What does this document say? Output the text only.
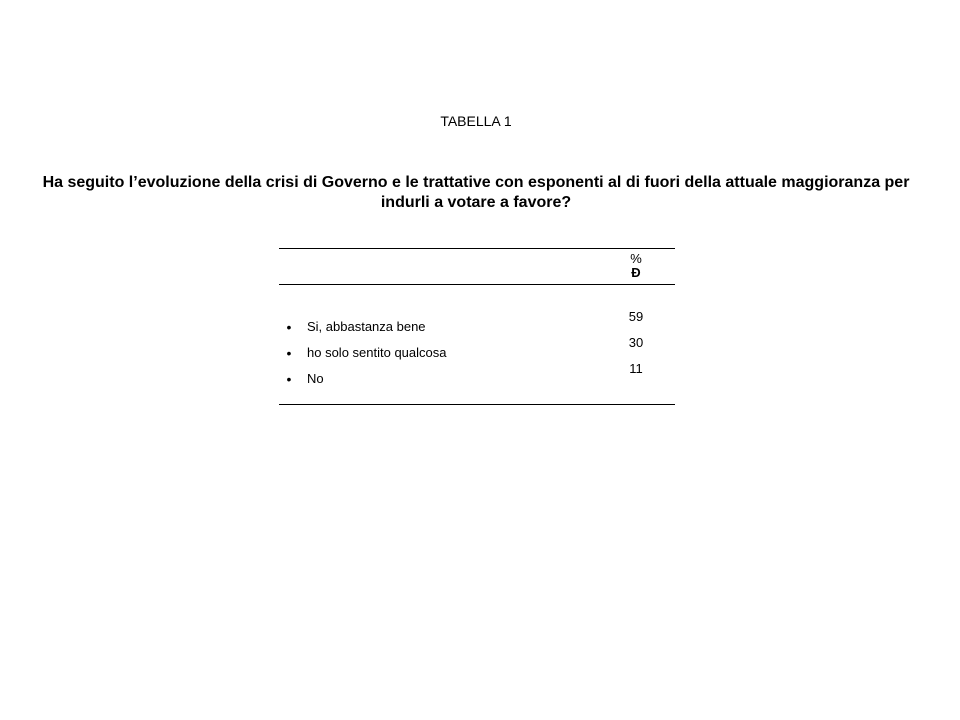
TABELLA 1
Ha seguito l’evoluzione della crisi di Governo e le trattative con esponenti al di fuori della attuale maggioranza per indurli a votare a favore?
%
Ð
• Si, abbastanza bene
59
• ho solo sentito qualcosa
30
• No
11
